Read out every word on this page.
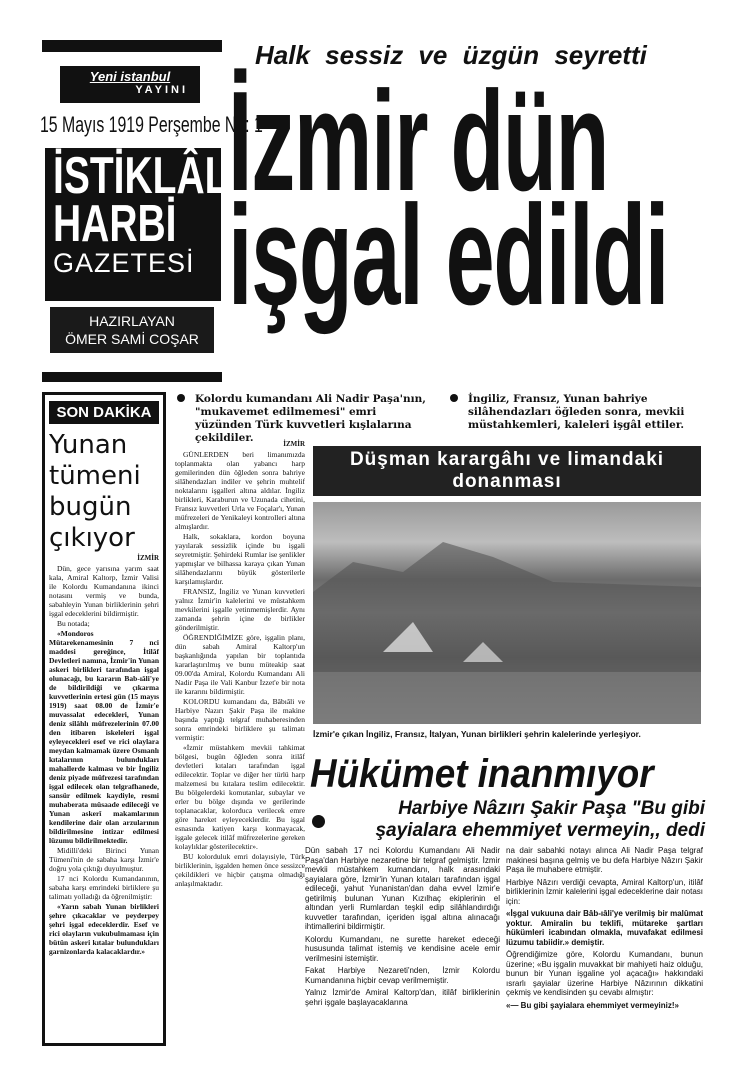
Yeni istanbul
YAYINI
15 Mayıs 1919 Perşembe No: 1
İSTİKLÂL
HARBİ
GAZETESİ
HAZIRLAYAN
ÖMER SAMİ COŞAR
Halk sessiz ve üzgün seyretti
İzmir dün
işgal edildi
Kolordu kumandanı Ali Nadir Paşa'nın, "mukavemet edilmemesi" emri yüzünden Türk kuvvetleri kışlalarına çekildiler.
İngiliz, Fransız, Yunan bahriye silâhendazları öğleden sonra, mevkii müstahkemleri, kaleleri işgâl ettiler.
SON DAKİKA
Yunan
tümeni
bugün
çıkıyor

İZMİR

Dün, gece yarısına yarım saat kala, Amiral Kaltorp, İzmir Valisi ile Kolordu Kumandanına ikinci notasını vermiş ve bunda, sabahleyin Yunan birliklerinin şehri işgal edeceklerini bildirmiştir.

Bu notada;

«Mondoros Mütarekenamesinin 7 nci maddesi gereğince, İtilâf Devletleri namına, İzmir'in Yunan askeri birlikleri tarafından işgal olunacağı, bu kararın Bab-ıâli'ye de bildirildiği ve çıkarma kuvvetlerinin ertesi gün (15 mayıs 1919) saat 08.00 de İzmir'e muvassalat edecekleri, Yunan deniz silâhlı müfrezelerinin 07.00 den itibaren iskeleleri işgal eyleyecekleri esef ve rici olaylara meydan kalmamak üzere Osmanlı kıtalarının bulundukları mahallerde kalması ve bir İngiliz deniz piyade müfrezesi tarafından işgal edilecek olan telgrafhanede, sansür edilmek kaydiyle, resmi muhaberata müsaade edileceği ve Yunan askerî makamlarının kendilerine dair olan arzularının bildirilmesine intizar edilmesi lüzumu bildirilmektedir.

Midilli'deki Birinci Yunan Tümeni'nin de sabaha karşı İzmir'e doğru yola çıktığı duyulmuştur.

17 nci Kolordu Kumandanının, sabaha karşı emrindeki birliklere şu talimatı yolladığı da öğrenilmiştir:

«Yarın sabah Yunan birlikleri şehre çıkacaklar ve peyderpey şehri işgal edeceklerdir. Esef ve rici olayların vukubulmaması için bütün askeri kıtalar bulundukları garnizonlarda kalacaklardır.»

İZMİR

GÜNLERDEN beri limanımızda toplanmakta olan yabancı harp gemilerinden dün öğleden sonra bahriye silâhendazları indiler ve şehrin muhtelif noktalarını işgalleri altına aldılar. İngiliz birlikleri, Karaburun ve Uzunada cihetini, Fransız kuvvetleri Urla ve Foçalar'ı, Yunan müfrezeleri de Yenikaleyi kontrolleri altına almışlardır.

Halk, sokaklara, kordon boyuna yayılarak sessizlik içinde bu işgali seyretmiştir. Şehirdeki Rumlar ise şenlikler yapmışlar ve bilhassa karaya çıkan Yunan silâhendazlarını büyük gösterilerle karşılamışlardır.

FRANSIZ, İngiliz ve Yunan kuvvetleri yalnız İzmir'in kalelerini ve müstahkem mevkilerini işgalle yetinmemişlerdir. Aynı zamanda şehrin içine de birlikler gönderilmiştir.

ÖĞRENDİĞİMİZE göre, işgalin planı, dün sabah Amiral Kaltorp'un başkanlığında yapılan bir toplantıda kararlaştırılmış ve bunu müteakip saat 09.00'da Amiral, Kolordu Kumandanı Ali Nadir Paşa ile Vali Kanbur İzzet'e bir nota ile kararını bildirmiştir.

KOLORDU kumandanı da, Bâbıâli ve Harbiye Nazırı Şakir Paşa ile makine başında yaptığı telgraf muhaberesinden sonra emrindeki birliklere şu talimatı vermiştir:

«İzmir müstahkem mevkii tahkimat bölgesi, bugün öğleden sonra itilâf devletleri kıtaları tarafından işgal edilecektir. Toplar ve diğer her türlü harp malzemesi bu kıtalara teslim edilecektir. Bu bölgelerdeki komutanlar, subaylar ve erler bu bölge dışında ve gerilerinde toplanacaklar, kolorduca verilecek emre göre hareket eyleyeceklerdir. Bu işgal esnasında katiyen karşı konmayacak, işgale gelecek itilâf müfrezelerine gereken kolaylıklar gösterilecektir».

BU kolorduluk emri dolayısiyle, Türk birliklerinin, işgalden hemen önce sessizce çekildikleri ve hiçbir çatışma olmadığı anlaşılmaktadır.

Düşman karargâhı ve limandaki donanması
İzmir'e çıkan İngiliz, Fransız, İtalyan, Yunan birlikleri şehrin kalelerinde yerleşiyor.
Hükümet inanmıyor
Harbiye Nâzırı Şakir Paşa "Bu gibi şayialara ehemmiyet vermeyin,, dedi

Dün sabah 17 nci Kolordu Kumandanı Ali Nadir Paşa'dan Harbiye nezaretine bir telgraf gelmiştir. İzmir mevkii müstahkem kumandanı, halk arasındaki şayialara göre, İzmir'in Yunan kıtaları tarafından işgal edileceği, yahut Yunanistan'dan daha evvel İzmir'e getirilmiş bulunan Yunan Kızılhaç ekiplerinin el altından yerli Rumlardan teşkil edip silâhlandırdığı kuvvetler tarafından, içeriden işgal altına alınacağı ihtimallerini bildirmiştir.

Kolordu Kumandanı, ne surette hareket edeceği hususunda talimat istemiş ve kendisine acele emir verilmesini istemiştir.

Fakat Harbiye Nezareti'nden, İzmir Kolordu Kumandanına hiçbir cevap verilmemiştir.

Yalnız İzmir'de Amiral Kaltorp'dan, itilâf birliklerinin şehri işgale başlayacaklarına

na dair sabahki notayı alınca Ali Nadir Paşa telgraf makinesi başına gelmiş ve bu defa Harbiye Nâzırı Şakir Paşa ile muhabere etmiştir.

Harbiye Nâzırı verdiği cevapta, Amiral Kaltorp'un, itilâf birliklerinin İzmir kalelerini işgal edeceklerine dair notası için:

«İşgal vukuuna dair Bâb-ıâli'ye verilmiş bir malûmat yoktur. Amiralin bu teklifi, mütareke şartları hükümleri icabından olmakla, muvafakat edilmesi lüzumu tabiidir.» demiştir.

Öğrendiğimize göre, Kolordu Kumandanı, bunun üzerine; «Bu işgalin muvakkat bir mahiyeti haiz olduğu, bunun bir Yunan işgaline yol açacağı» hakkındaki ısrarlı şayialar üzerine Harbiye Nâzırının dikkatini çekmiş ve kendisinden şu cevabı almıştır:

«— Bu gibi şayialara ehemmiyet vermeyiniz!»
